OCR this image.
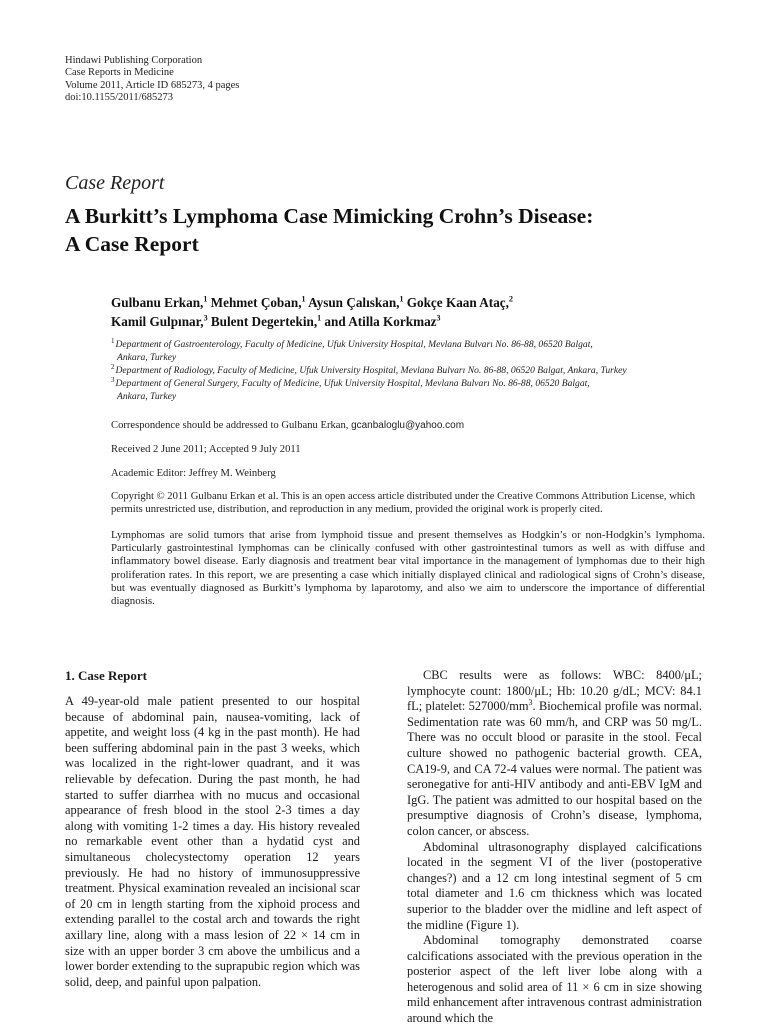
Hindawi Publishing Corporation
Case Reports in Medicine
Volume 2011, Article ID 685273, 4 pages
doi:10.1155/2011/685273
Case Report
A Burkitt’s Lymphoma Case Mimicking Crohn’s Disease:
A Case Report
Gulbanu Erkan,$^1$ Mehmet Çoban,$^1$ Aysun Çalıskan,$^1$ Gokçe Kaan Ataç,$^2$
Kamil Gulpınar,$^3$ Bulent Degertekin,$^1$ and Atilla Korkmaz$^3$
$^1$Department of Gastroenterology, Faculty of Medicine, Ufuk University Hospital, Mevlana Bulvarı No. 86-88, 06520 Balgat,
Ankara, Turkey
$^2$Department of Radiology, Faculty of Medicine, Ufuk University Hospital, Mevlana Bulvarı No. 86-88, 06520 Balgat, Ankara, Turkey
$^3$Department of General Surgery, Faculty of Medicine, Ufuk University Hospital, Mevlana Bulvarı No. 86-88, 06520 Balgat,
Ankara, Turkey
Correspondence should be addressed to Gulbanu Erkan, gcanbaloglu@yahoo.com
Received 2 June 2011; Accepted 9 July 2011
Academic Editor: Jeffrey M. Weinberg
Copyright © 2011 Gulbanu Erkan et al. This is an open access article distributed under the Creative Commons Attribution License, which permits unrestricted use, distribution, and reproduction in any medium, provided the original work is properly cited.
Lymphomas are solid tumors that arise from lymphoid tissue and present themselves as Hodgkin’s or non-Hodgkin’s lymphoma. Particularly gastrointestinal lymphomas can be clinically confused with other gastrointestinal tumors as well as with diffuse and inflammatory bowel disease. Early diagnosis and treatment bear vital importance in the management of lymphomas due to their high proliferation rates. In this report, we are presenting a case which initially displayed clinical and radiological signs of Crohn’s disease, but was eventually diagnosed as Burkitt’s lymphoma by laparotomy, and also we aim to underscore the importance of differential diagnosis.
1. Case Report

A 49-year-old male patient presented to our hospital because of abdominal pain, nausea-vomiting, lack of appetite, and weight loss (4 kg in the past month). He had been suffering abdominal pain in the past 3 weeks, which was localized in the right-lower quadrant, and it was relievable by defecation. During the past month, he had started to suffer diarrhea with no mucus and occasional appearance of fresh blood in the stool 2-3 times a day along with vomiting 1-2 times a day. His history revealed no remarkable event other than a hydatid cyst and simultaneous cholecystectomy operation 12 years previously. He had no history of immunosuppressive treatment. Physical examination revealed an incisional scar of 20 cm in length starting from the xiphoid process and extending parallel to the costal arch and towards the right axillary line, along with a mass lesion of 22 × 14 cm in size with an upper border 3 cm above the umbilicus and a lower border extending to the suprapubic region which was solid, deep, and painful upon palpation.

CBC results were as follows: WBC: 8400/μL; lymphocyte count: 1800/μL; Hb: 10.20 g/dL; MCV: 84.1 fL; platelet: $527000/mm^3$. Biochemical profile was normal. Sedimentation rate was 60 mm/h, and CRP was 50 mg/L. There was no occult blood or parasite in the stool. Fecal culture showed no pathogenic bacterial growth. CEA, CA19-9, and CA 72-4 values were normal. The patient was seronegative for anti-HIV antibody and anti-EBV IgM and IgG. The patient was admitted to our hospital based on the presumptive diagnosis of Crohn’s disease, lymphoma, colon cancer, or abscess.

Abdominal ultrasonography displayed calcifications located in the segment VI of the liver (postoperative changes?) and a 12 cm long intestinal segment of 5 cm total diameter and 1.6 cm thickness which was located superior to the bladder over the midline and left aspect of the midline (Figure 1).

Abdominal tomography demonstrated coarse calcifications associated with the previous operation in the posterior aspect of the left liver lobe along with a heterogenous and solid area of 11 × 6 cm in size showing mild enhancement after intravenous contrast administration around which the
